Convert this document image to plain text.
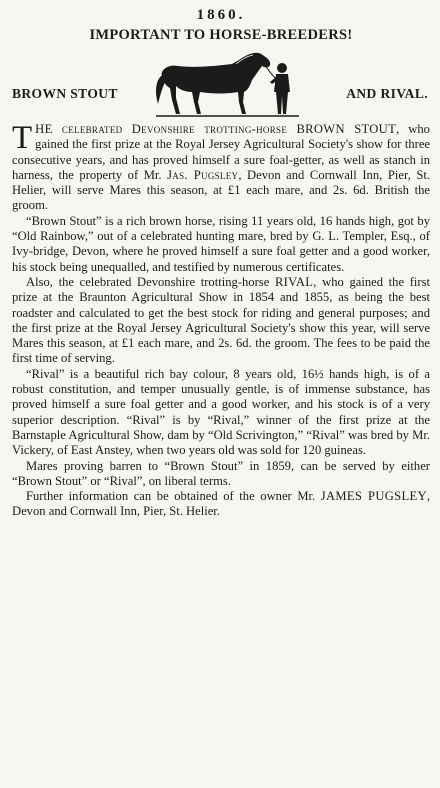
1860.
IMPORTANT TO HORSE-BREEDERS!
BROWN STOUT	AND RIVAL.

THE celebrated Devonshire trotting-horse BROWN STOUT, who gained the first prize at the Royal Jersey Agricultural Society's show for three consecutive years, and has proved himself a sure foal-getter, as well as stanch in harness, the property of Mr. Jas. Pugsley, Devon and Cornwall Inn, Pier, St. Helier, will serve Mares this season, at £1 each mare, and 2s. 6d. British the groom.

“Brown Stout” is a rich brown horse, rising 11 years old, 16 hands high, got by “Old Rainbow,” out of a celebrated hunting mare, bred by G. L. Templer, Esq., of Ivy-bridge, Devon, where he proved himself a sure foal getter and a good worker, his stock being unequalled, and testified by numerous certificates.

Also, the celebrated Devonshire trotting-horse RIVAL, who gained the first prize at the Braunton Agricultural Show in 1854 and 1855, as being the best roadster and calculated to get the best stock for riding and general purposes; and the first prize at the Royal Jersey Agricultural Society's show this year, will serve Mares this season, at £1 each mare, and 2s. 6d. the groom. The fees to be paid the first time of serving.

“Rival” is a beautiful rich bay colour, 8 years old, 16½ hands high, is of a robust constitution, and temper unusually gentle, is of immense substance, has proved himself a sure foal getter and a good worker, and his stock is of a very superior description. “Rival” is by “Rival,” winner of the first prize at the Barnstaple Agricultural Show, dam by “Old Scrivington,” “Rival” was bred by Mr. Vickery, of East Anstey, when two years old was sold for 120 guineas.

Mares proving barren to “Brown Stout” in 1859, can be served by either “Brown Stout” or “Rival”, on liberal terms.

Further information can be obtained of the owner Mr. JAMES PUGSLEY, Devon and Cornwall Inn, Pier, St. Helier.
